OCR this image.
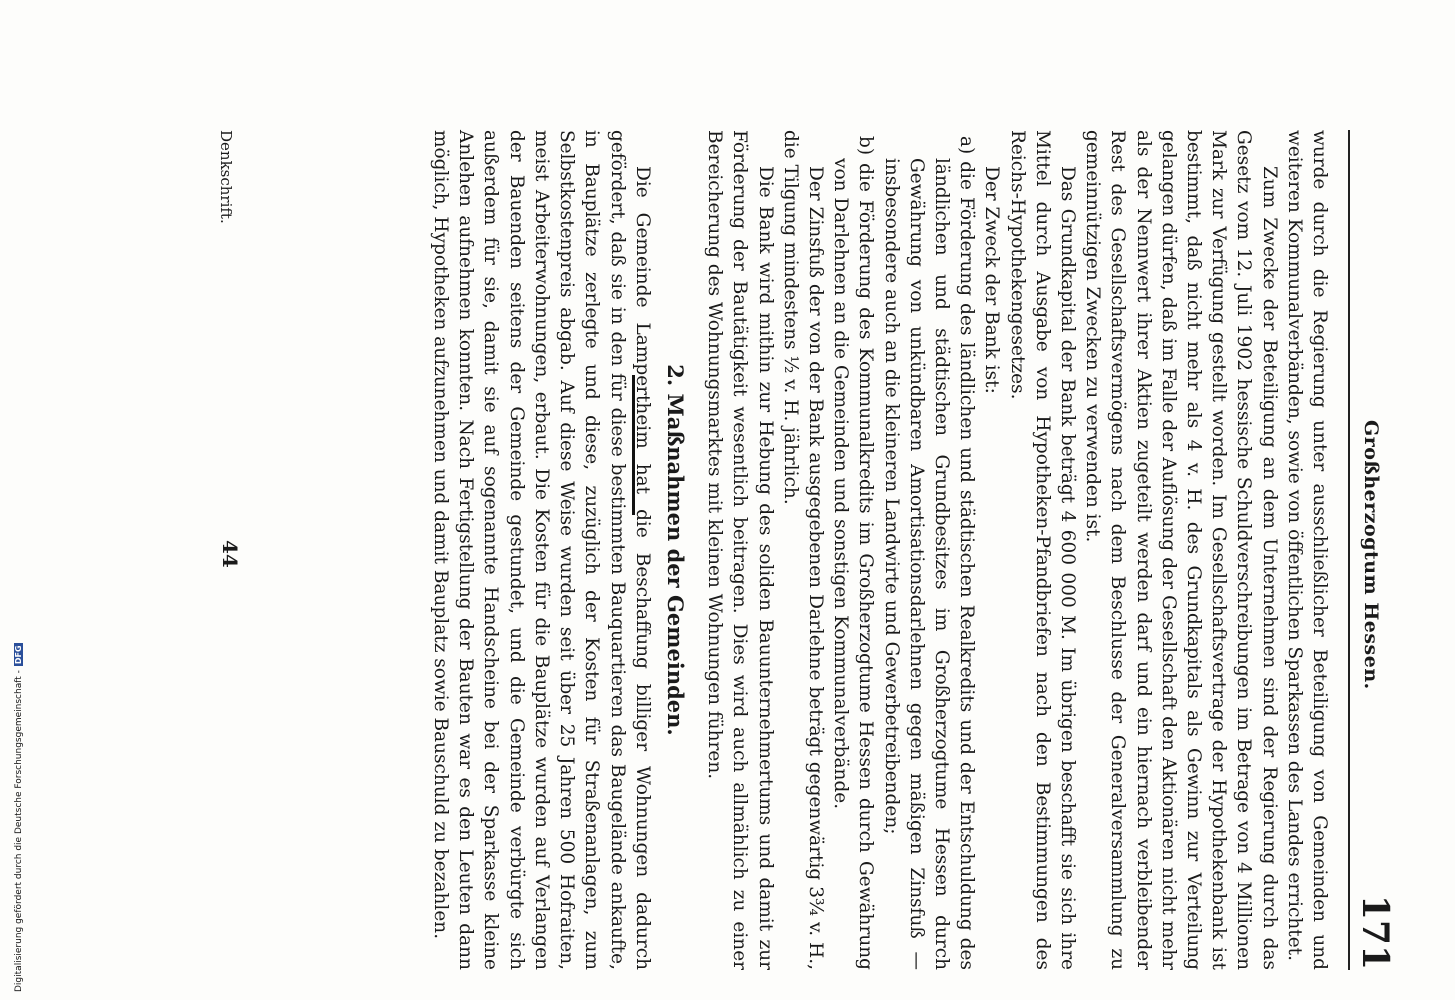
Großherzogtum Hessen.
171

wurde durch die Regierung unter ausschließlicher Beteiligung von Gemeinden und weiteren Kommunalverbänden, sowie von öffentlichen Sparkassen des Landes errichtet.

Zum Zwecke der Beteiligung an dem Unternehmen sind der Regierung durch das Gesetz vom 12. Juli 1902 hessische Schuldverschreibungen im Betrage von 4 Millionen Mark zur Verfügung gestellt worden. Im Gesellschaftsvertrage der Hypothekenbank ist bestimmt, daß nicht mehr als 4 v. H. des Grundkapitals als Gewinn zur Verteilung gelangen dürfen, daß im Falle der Auflösung der Gesellschaft den Aktionären nicht mehr als der Nennwert ihrer Aktien zugeteilt werden darf und ein hiernach verbleibender Rest des Gesellschaftsvermögens nach dem Beschlusse der Generalversammlung zu gemeinnützigen Zwecken zu verwenden ist.

Das Grundkapital der Bank beträgt 4 600 000 M. Im übrigen beschafft sie sich ihre Mittel durch Ausgabe von Hypotheken-Pfandbriefen nach den Bestimmungen des Reichs-Hypothekengesetzes.

Der Zweck der Bank ist:

a) die Förderung des ländlichen und städtischen Realkredits und der Entschuldung des ländlichen und städtischen Grundbesitzes im Großherzogtume Hessen durch Gewährung von unkündbaren Amortisationsdarlehnen gegen mäßigen Zinsfuß — insbesondere auch an die kleineren Landwirte und Gewerbetreibenden;

b) die Förderung des Kommunalkredits im Großherzogtume Hessen durch Gewährung von Darlehnen an die Gemeinden und sonstigen Kommunalverbände.

Der Zinsfuß der von der Bank ausgegebenen Darlehne beträgt gegenwärtig 3¾ v. H., die Tilgung mindestens ½ v. H. jährlich.

Die Bank wird mithin zur Hebung des soliden Bauunternehmertums und damit zur Förderung der Bautätigkeit wesentlich beitragen. Dies wird auch allmählich zu einer Bereicherung des Wohnungsmarktes mit kleinen Wohnungen führen.

2. Maßnahmen der Gemeinden.

Die Gemeinde Lampertheim hat die Beschaffung billiger Wohnungen dadurch gefördert, daß sie in den für diese bestimmten Bauquartieren das Baugelände ankaufte, in Bauplätze zerlegte und diese, zuzüglich der Kosten für Straßenanlagen, zum Selbstkostenpreis abgab. Auf diese Weise wurden seit über 25 Jahren 500 Hofraiten, meist Arbeiterwohnungen, erbaut. Die Kosten für die Bauplätze wurden auf Verlangen der Bauenden seitens der Gemeinde gestundet, und die Gemeinde verbürgte sich außerdem für sie, damit sie auf sogenannte Handscheine bei der Sparkasse kleine Anlehen aufnehmen konnten. Nach Fertigstellung der Bauten war es den Leuten dann möglich, Hypotheken aufzunehmen und damit Bauplatz sowie Bauschuld zu bezahlen.

Denkschrift.
44
Digitalisierung gefördert durch die Deutsche Forschungsgemeinschaft -DFG
